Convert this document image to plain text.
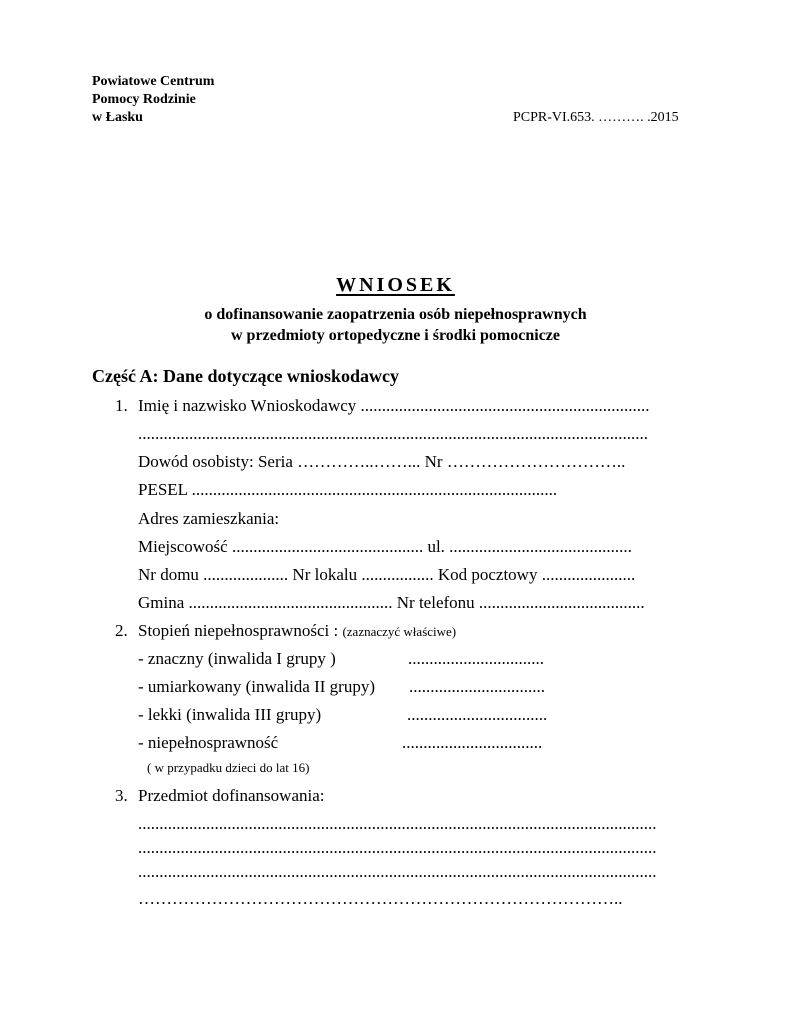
Powiatowe Centrum
Pomocy Rodzinie
w Łasku	PCPR-VI.653. ………. .2015
WNIOSEK
o dofinansowanie zaopatrzenia osób niepełnosprawnych
w przedmioty ortopedyczne i środki pomocnicze
Część A: Dane dotyczące wnioskodawcy
1. Imię i nazwisko Wnioskodawcy ....................................................................
........................................................................................................................
Dowód osobisty: Seria …………..……... Nr …………………………..
PESEL ......................................................................................
Adres zamieszkania:
Miejscowość ............................................. ul. ...........................................
Nr domu .................... Nr lokalu ................. Kod pocztowy ......................
Gmina ................................................ Nr telefonu .......................................
2. Stopień niepełnosprawności : (zaznaczyć właściwe)
- znaczny (inwalida I grupy )	................................
- umiarkowany (inwalida II grupy) ................................
- lekki (inwalida III grupy)	.................................
- niepełnosprawność	.................................
( w przypadku dzieci do lat 16)
3. Przedmiot dofinansowania:
..........................................................................................................................
..........................................................................................................................
..........................................................................................................................
…………………………………………………………………………..
